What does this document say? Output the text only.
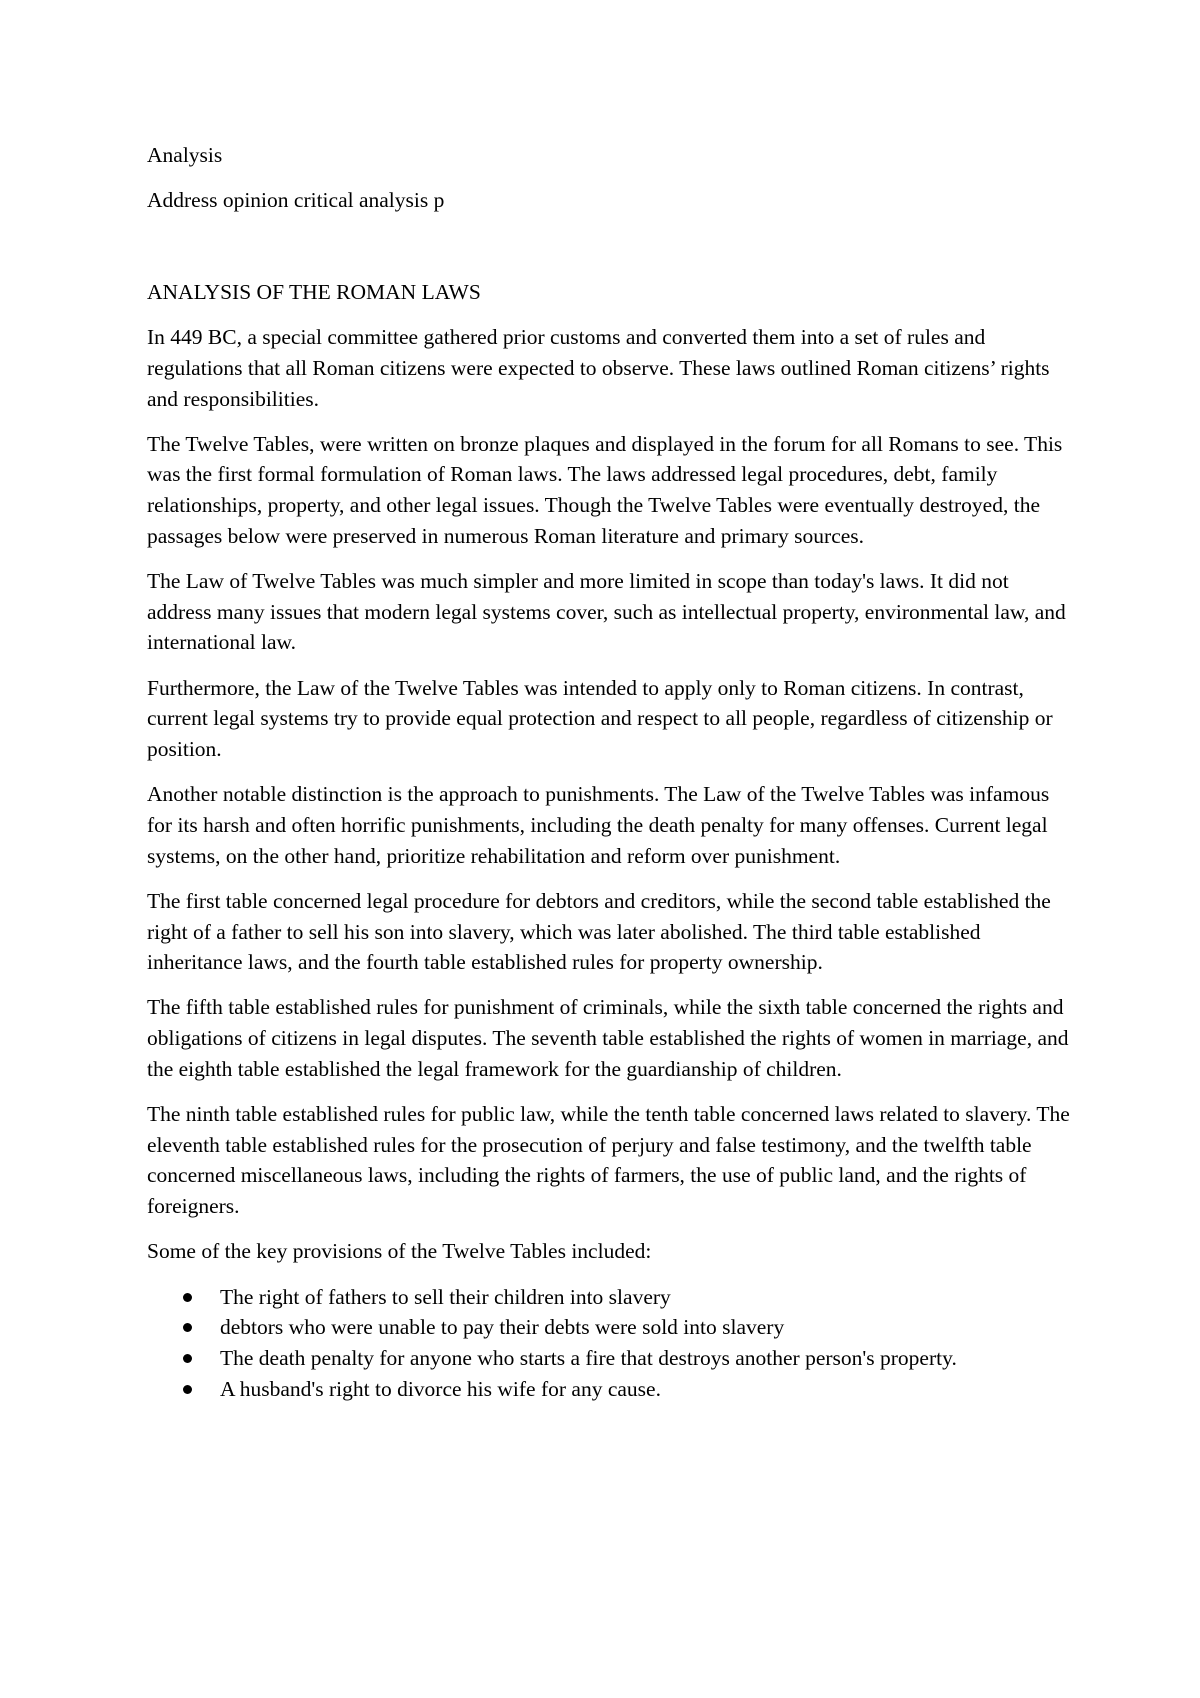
Analysis
Address opinion critical analysis p
ANALYSIS OF THE ROMAN LAWS

In 449 BC, a special committee gathered prior customs and converted them into a set of rules and regulations that all Roman citizens were expected to observe. These laws outlined Roman citizens’ rights and responsibilities.

The Twelve Tables, were written on bronze plaques and displayed in the forum for all Romans to see. This was the first formal formulation of Roman laws. The laws addressed legal procedures, debt, family relationships, property, and other legal issues. Though the Twelve Tables were eventually destroyed, the passages below were preserved in numerous Roman literature and primary sources.

The Law of Twelve Tables was much simpler and more limited in scope than today's laws. It did not address many issues that modern legal systems cover, such as intellectual property, environmental law, and international law.

Furthermore, the Law of the Twelve Tables was intended to apply only to Roman citizens. In contrast, current legal systems try to provide equal protection and respect to all people, regardless of citizenship or position.

Another notable distinction is the approach to punishments. The Law of the Twelve Tables was infamous for its harsh and often horrific punishments, including the death penalty for many offenses. Current legal systems, on the other hand, prioritize rehabilitation and reform over punishment.

The first table concerned legal procedure for debtors and creditors, while the second table established the right of a father to sell his son into slavery, which was later abolished. The third table established inheritance laws, and the fourth table established rules for property ownership.

The fifth table established rules for punishment of criminals, while the sixth table concerned the rights and obligations of citizens in legal disputes. The seventh table established the rights of women in marriage, and the eighth table established the legal framework for the guardianship of children.

The ninth table established rules for public law, while the tenth table concerned laws related to slavery. The eleventh table established rules for the prosecution of perjury and false testimony, and the twelfth table concerned miscellaneous laws, including the rights of farmers, the use of public land, and the rights of foreigners.

Some of the key provisions of the Twelve Tables included:

The right of fathers to sell their children into slavery
debtors who were unable to pay their debts were sold into slavery
The death penalty for anyone who starts a fire that destroys another person's property.
A husband's right to divorce his wife for any cause.
